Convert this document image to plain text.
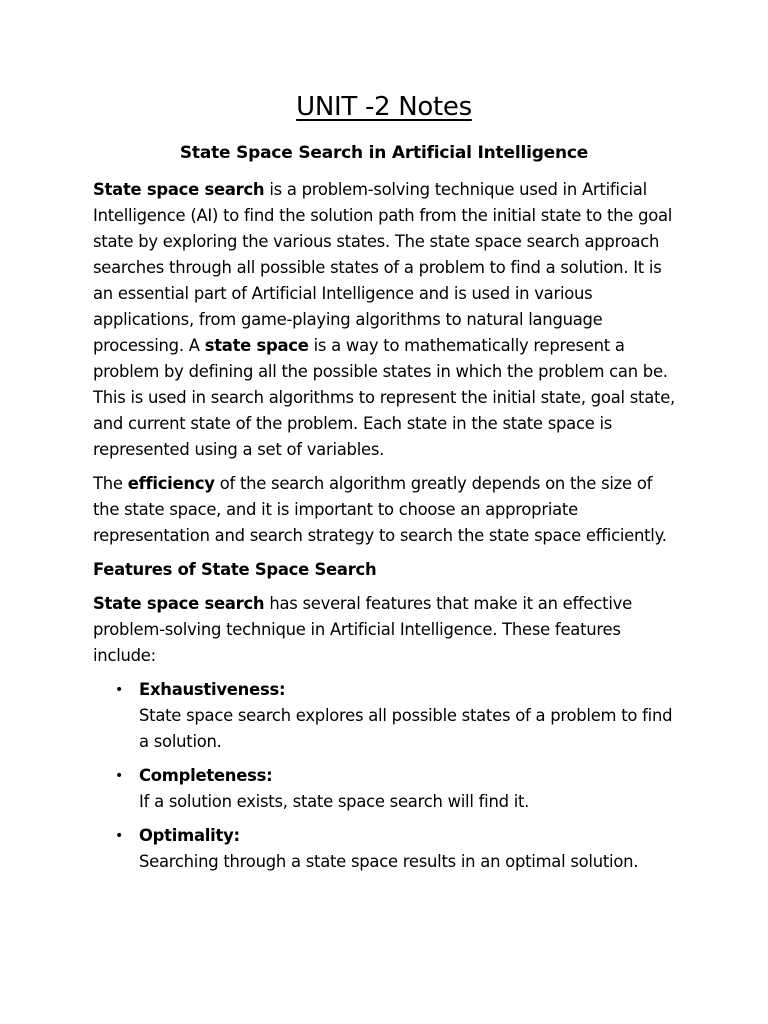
UNIT -2 Notes
State Space Search in Artificial Intelligence

State space search is a problem-solving technique used in Artificial Intelligence (AI) to find the solution path from the initial state to the goal state by exploring the various states. The state space search approach searches through all possible states of a problem to find a solution. It is an essential part of Artificial Intelligence and is used in various applications, from game-playing algorithms to natural language processing. A state space is a way to mathematically represent a problem by defining all the possible states in which the problem can be. This is used in search algorithms to represent the initial state, goal state, and current state of the problem. Each state in the state space is represented using a set of variables.

The efficiency of the search algorithm greatly depends on the size of the state space, and it is important to choose an appropriate representation and search strategy to search the state space efficiently.

Features of State Space Search

State space search has several features that make it an effective problem-solving technique in Artificial Intelligence. These features include:

• Exhaustiveness:
State space search explores all possible states of a problem to find a solution.
• Completeness:
If a solution exists, state space search will find it.
• Optimality:
Searching through a state space results in an optimal solution.
